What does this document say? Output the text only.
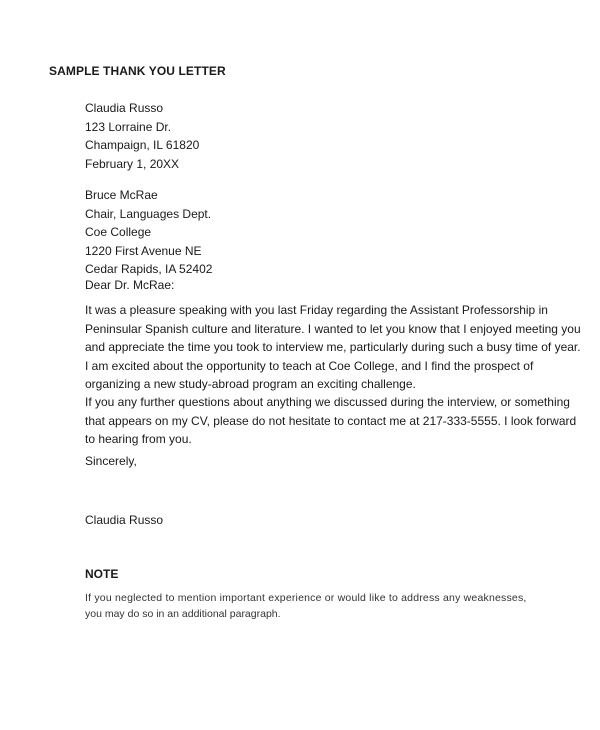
SAMPLE THANK YOU LETTER
Claudia Russo
123 Lorraine Dr.
Champaign, IL 61820
February 1, 20XX
Bruce McRae
Chair, Languages Dept.
Coe College
1220 First Avenue NE
Cedar Rapids, IA 52402
Dear Dr. McRae:
It was a pleasure speaking with you last Friday regarding the Assistant Professorship in
Peninsular Spanish culture and literature. I wanted to let you know that I enjoyed meeting you
and appreciate the time you took to interview me, particularly during such a busy time of year.
I am excited about the opportunity to teach at Coe College, and I find the prospect of
organizing a new study-abroad program an exciting challenge.
If you any further questions about anything we discussed during the interview, or something
that appears on my CV, please do not hesitate to contact me at 217-333-5555. I look forward
to hearing from you.
Sincerely,
Claudia Russo
NOTE
If you neglected to mention important experience or would like to address any weaknesses,
you may do so in an additional paragraph.
